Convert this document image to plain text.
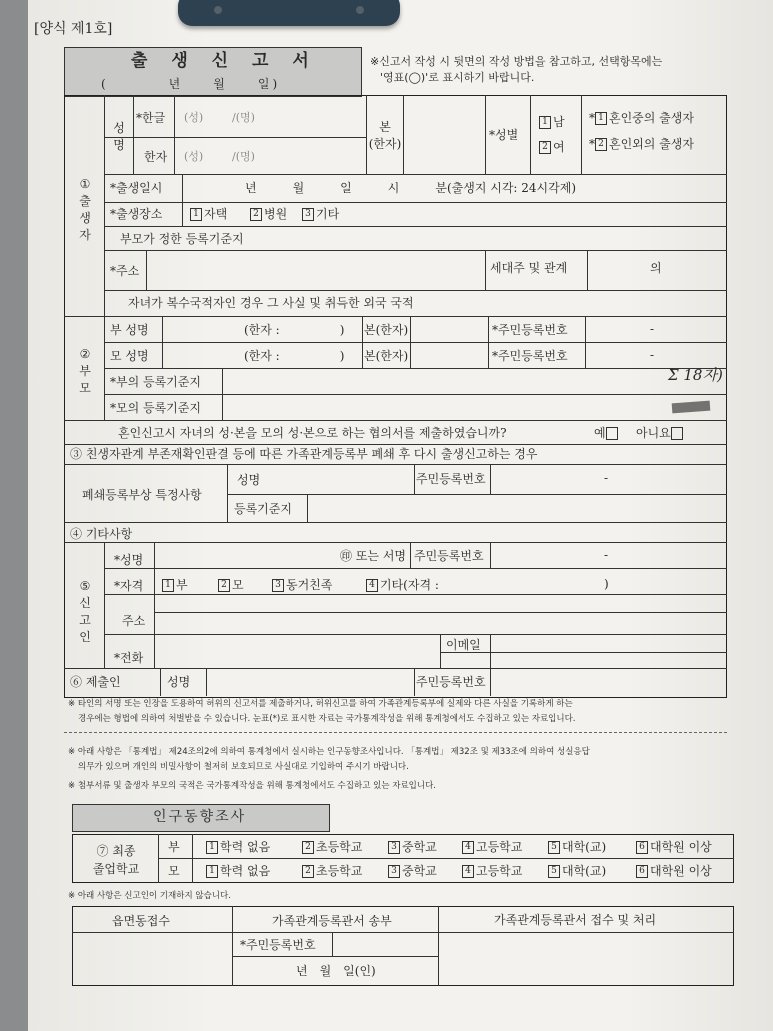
[양식 제1호]
출 생 신 고 서
(　　　　년　　월　　일)
※신고서 작성 시 뒷면의 작성 방법을 참고하고, 선택항목에는
'영표(◯)'로 표시하기 바랍니다.
①
출
생
자
성
명
*한글 (성)	/(명)
한자 (성)	/(명)
본
(한자)
*성별
1 남
2 여
* 1 혼인중의 출생자
* 2 혼인외의 출생자
*출생일시	년　　　월　　　일　　　시　　　분(출생지 시각: 24시각제)
*출생장소	1 자택	2 병원	3 기타
부모가 정한 등록기준지
*주소	세대주 및 관계	의
자녀가 복수국적자인 경우 그 사실 및 취득한 외국 국적
②
부
모
부 성명	(한자 :　　　　　) 본(한자)	*주민등록번호	-
모 성명	(한자 :　　　　　) 본(한자)	*주민등록번호	-
*부의 등록기준지	Σ 18자)
*모의 등록기준지
혼인신고시 자녀의 성·본을 모의 성·본으로 하는 협의서를 제출하였습니까?	예	아니요
③ 친생자관계 부존재확인판결 등에 따른 가족관계등록부 폐쇄 후 다시 출생신고하는 경우
폐쇄등록부상 특정사항
성명	주민등록번호	-
등록기준지
④ 기타사항
⑤
신
고
인
*성명	㊞ 또는 서명 주민등록번호	-
*자격	1 부	2 모	3 동거친족	4 기타(자격 :	)
주소
*전화
이메일
⑥ 제출인	성명	주민등록번호
※ 타인의 서명 또는 인장을 도용하여 허위의 신고서를 제출하거나, 허위신고를 하여 가족관계등록부에 실제와 다른 사실을 기록하게 하는
경우에는 형법에 의하여 처벌받을 수 있습니다. 눈표(*)로 표시한 자료는 국가통계작성을 위해 통계청에서도 수집하고 있는 자료입니다.
※ 아래 사항은 「통계법」 제24조의2에 의하여 통계청에서 실시하는 인구동향조사입니다. 「통계법」 제32조 및 제33조에 의하여 성실응답
의무가 있으며 개인의 비밀사항이 철저히 보호되므로 사실대로 기입하여 주시기 바랍니다.
※ 첨부서류 및 출생자 부모의 국적은 국가통계작성을 위해 통계청에서도 수집하고 있는 자료입니다.
인구동향조사
⑦ 최종
졸업학교
부
모
1 학력 없음	2 초등학교	3 중학교	4 고등학교	5 대학(교)	6 대학원 이상
1 학력 없음	2 초등학교	3 중학교	4 고등학교	5 대학(교)	6 대학원 이상
※ 아래 사항은 신고인이 기재하지 않습니다.
읍면동접수	가족관계등록관서 송부	가족관계등록관서 접수 및 처리
*주민등록번호
년　월　일(인)
